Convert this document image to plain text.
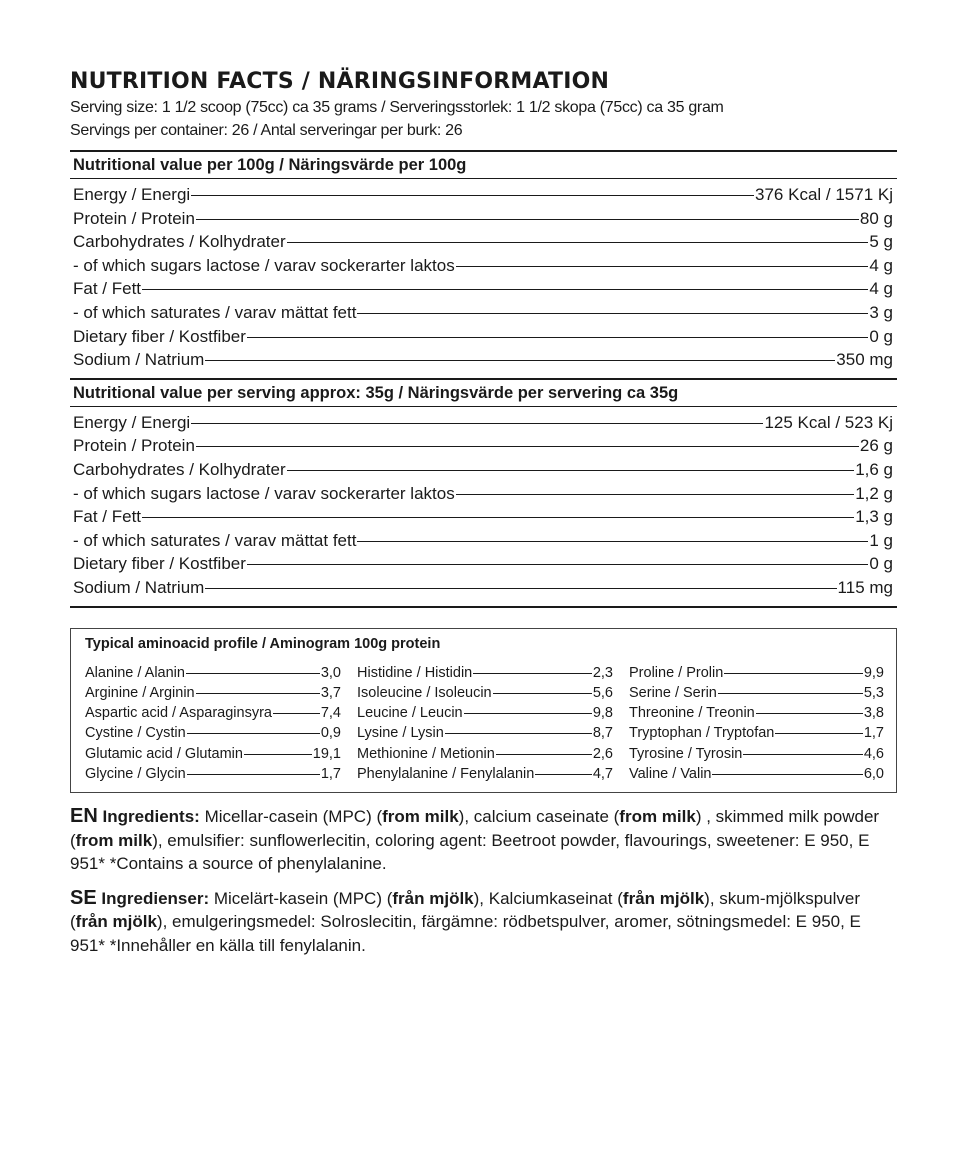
NUTRITION FACTS / NÄRINGSINFORMATION
Serving size: 1 1/2 scoop (75cc) ca 35 grams / Serveringsstorlek: 1 1/2 skopa (75cc) ca 35 gram
Servings per container: 26 / Antal serveringar per burk: 26
Nutritional value per 100g / Näringsvärde per 100g
Energy / Energi	376 Kcal / 1571 Kj
Protein / Protein	80 g
Carbohydrates / Kolhydrater	5 g
- of which sugars lactose / varav sockerarter laktos	4 g
Fat / Fett	4 g
- of which saturates / varav mättat fett	3 g
Dietary fiber / Kostfiber	0 g
Sodium / Natrium	350 mg
Nutritional value per serving approx: 35g / Näringsvärde per servering ca 35g
Energy / Energi	125 Kcal / 523 Kj
Protein / Protein	26 g
Carbohydrates / Kolhydrater	1,6 g
- of which sugars lactose / varav sockerarter laktos	1,2 g
Fat / Fett	1,3 g
- of which saturates / varav mättat fett	1 g
Dietary fiber / Kostfiber	0 g
Sodium / Natrium	115 mg
Typical aminoacid profile / Aminogram 100g protein
Alanine / Alanin	3,0
Arginine / Arginin	3,7
Aspartic acid / Asparaginsyra	7,4
Cystine / Cystin	0,9
Glutamic acid / Glutamin	19,1
Glycine / Glycin	1,7
Histidine / Histidin	2,3
Isoleucine / Isoleucin	5,6
Leucine / Leucin	9,8
Lysine / Lysin	8,7
Methionine / Metionin	2,6
Phenylalanine / Fenylalanin	4,7
Proline / Prolin	9,9
Serine / Serin	5,3
Threonine / Treonin	3,8
Tryptophan / Tryptofan	1,7
Tyrosine / Tyrosin	4,6
Valine / Valin	6,0

EN Ingredients: Micellar-casein (MPC) (from milk), calcium caseinate (from milk) , skimmed milk powder (from milk), emulsifier: sunflowerlecitin, coloring agent: Beetroot powder, flavourings, sweetener: E 950, E 951* *Contains a source of phenylalanine.

SE Ingredienser: Micelärt-kasein (MPC) (från mjölk), Kalciumkaseinat (från mjölk), skum-mjölkspulver (från mjölk), emulgeringsmedel: Solroslecitin, färgämne: rödbetspulver, aromer, sötningsmedel: E 950, E 951* *Innehåller en källa till fenylalanin.
